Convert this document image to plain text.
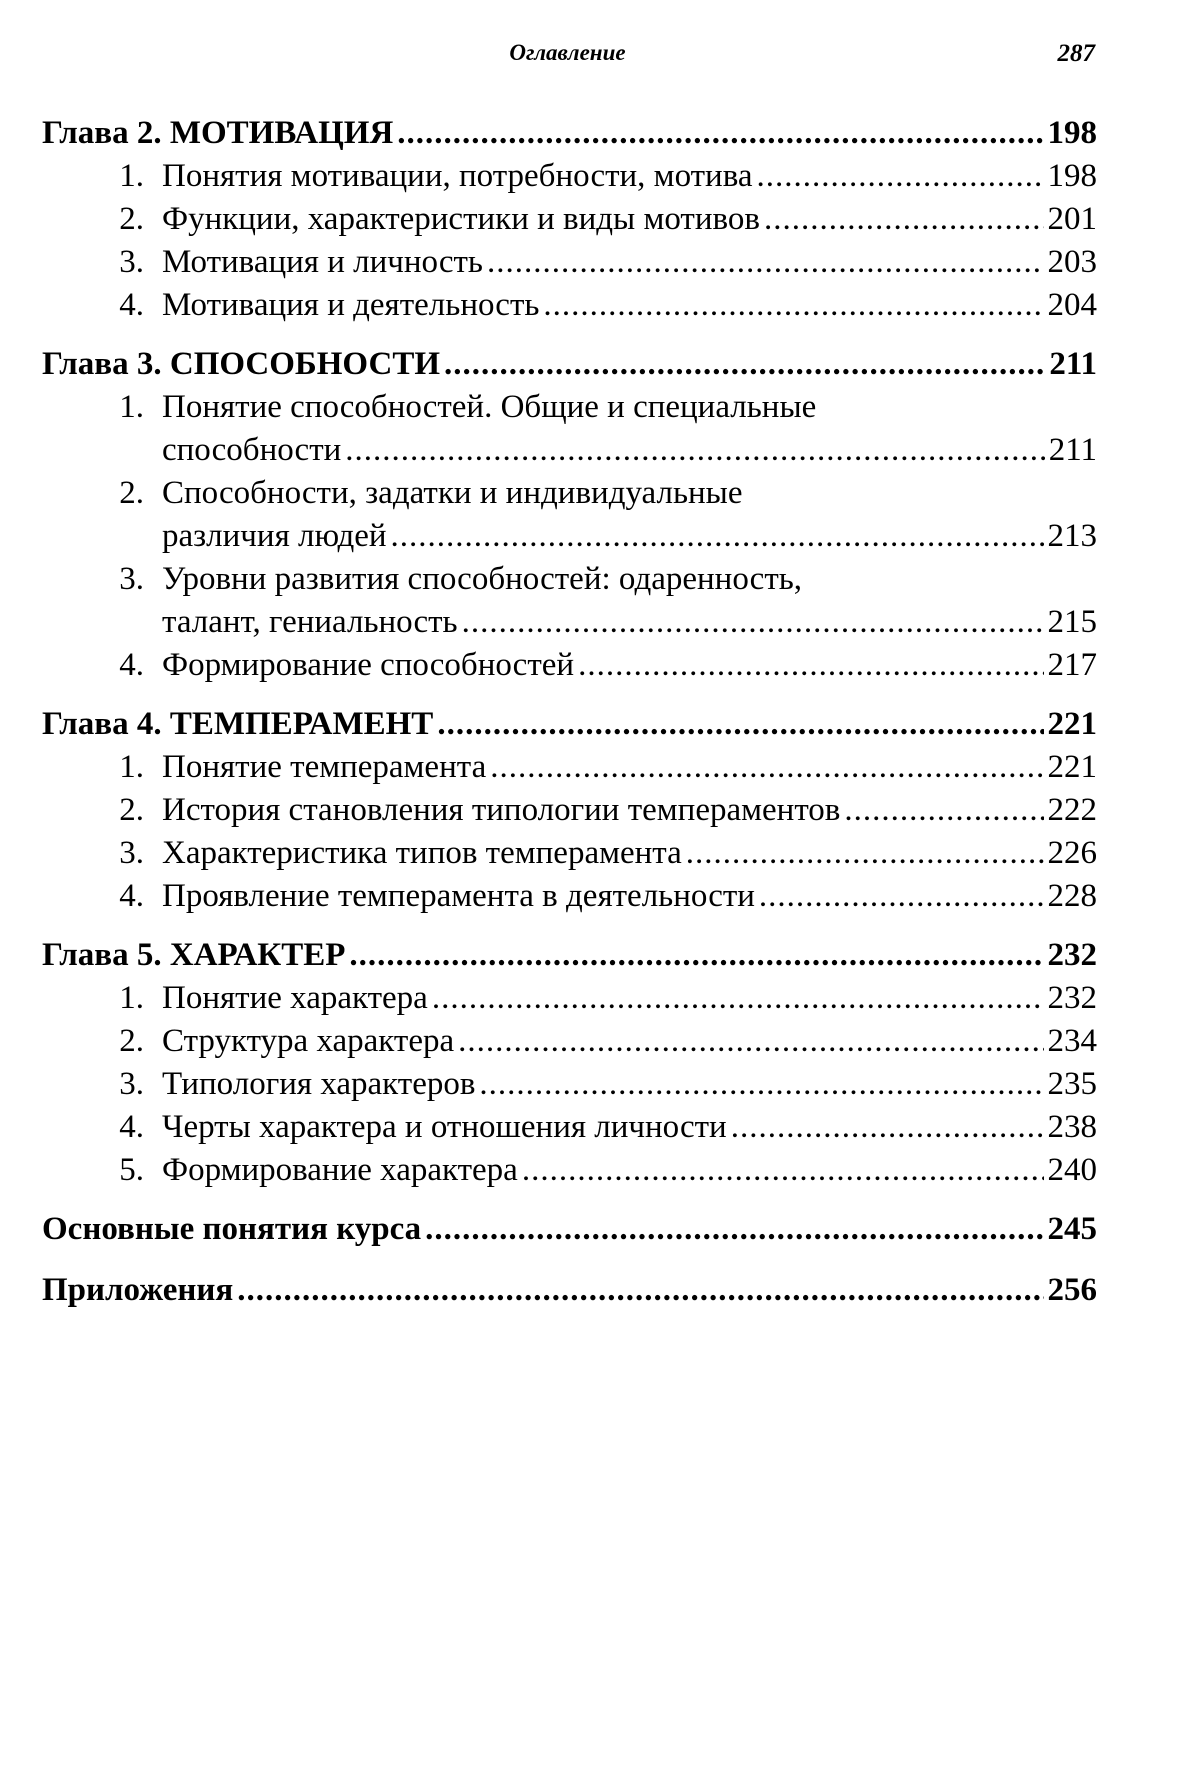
Оглавление	287
Глава 2. МОТИВАЦИЯ .....	198
1. Понятия мотивации, потребности, мотива .....	198
2. Функции, характеристики и виды мотивов .....	201
3. Мотивация и личность .....	203
4. Мотивация и деятельность .....	204
Глава 3. СПОСОБНОСТИ .....	211
1. Понятие способностей. Общие и специальные
способности .....	211
2. Способности, задатки и индивидуальные
различия людей .....	213
3. Уровни развития способностей: одаренность,
талант, гениальность .....	215
4. Формирование способностей .....	217
Глава 4. ТЕМПЕРАМЕНТ .....	221
1. Понятие темперамента .....	221
2. История становления типологии темпераментов .....	222
3. Характеристика типов темперамента .....	226
4. Проявление темперамента в деятельности .....	228
Глава 5. ХАРАКТЕР .....	232
1. Понятие характера .....	232
2. Структура характера .....	234
3. Типология характеров .....	235
4. Черты характера и отношения личности .....	238
5. Формирование характера .....	240
Основные понятия курса .....	245
Приложения .....	256
